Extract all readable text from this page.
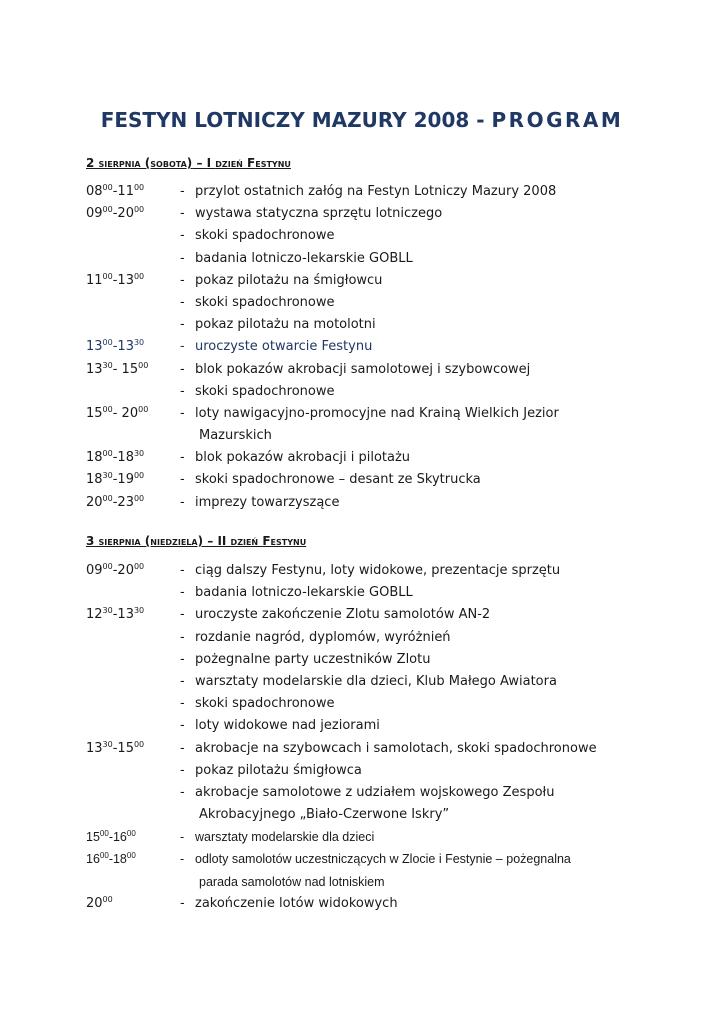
FESTYN LOTNICZY MAZURY 2008 - PROGRAM
2 sierpnia (sobota) – I dzień Festynu
$08^{00}-11^{00}$	- przylot ostatnich załóg na Festyn Lotniczy Mazury 2008
$09^{00}-20^{00}$	- wystawa statyczna sprzętu lotniczego
- skoki spadochronowe
- badania lotniczo-lekarskie GOBLL
$11^{00}-13^{00}$	- pokaz pilotażu na śmigłowcu
- skoki spadochronowe
- pokaz pilotażu na motolotni
$13^{00}-13^{30}$	- uroczyste otwarcie Festynu
$13^{30}-$ $15^{00}$ - blok pokazów akrobacji samolotowej i szybowcowej
- skoki spadochronowe
$15^{00}-$ $20^{00}$ - loty nawigacyjno-promocyjne nad Krainą Wielkich Jezior
Mazurskich
$18^{00}-18^{30}$	- blok pokazów akrobacji i pilotażu
$18^{30}-19^{00}$	- skoki spadochronowe – desant ze Skytrucka
$20^{00}-23^{00}$	- imprezy towarzyszące
3 sierpnia (niedziela) – II dzień Festynu
$09^{00}-20^{00}$	- ciąg dalszy Festynu, loty widokowe, prezentacje sprzętu
- badania lotniczo-lekarskie GOBLL
$12^{30}-13^{30}$	- uroczyste zakończenie Zlotu samolotów AN-2
- rozdanie nagród, dyplomów, wyróżnień
- pożegnalne party uczestników Zlotu
- warsztaty modelarskie dla dzieci, Klub Małego Awiatora
- skoki spadochronowe
- loty widokowe nad jeziorami
$13^{30}-15^{00}$	- akrobacje na szybowcach i samolotach, skoki spadochronowe
- pokaz pilotażu śmigłowca
- akrobacje samolotowe z udziałem wojskowego Zespołu
Akrobacyjnego „Biało-Czerwone Iskry”
$15^{00}-16^{00}$	- warsztaty modelarskie dla dzieci
$16^{00}-18^{00}$	- odloty samolotów uczestniczących w Zlocie i Festynie – pożegnalna
parada samolotów nad lotniskiem
$20^{00}$	- zakończenie lotów widokowych
